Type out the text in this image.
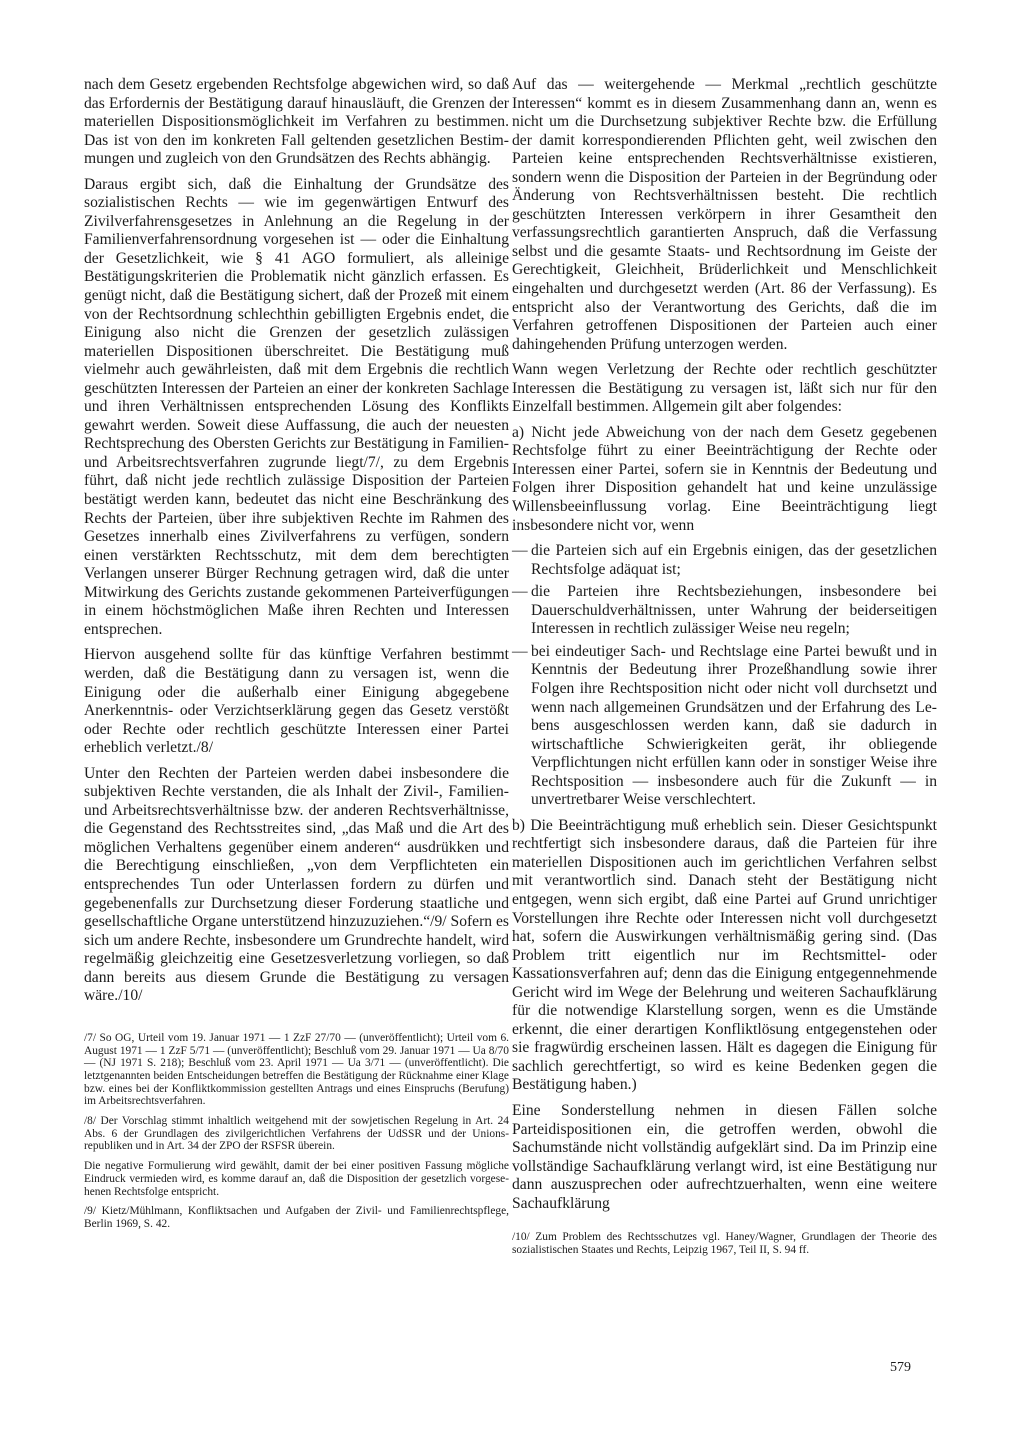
nach dem Gesetz ergebenden Rechtsfolge abgewichen wird, so daß das Erfordernis der Bestätigung darauf hinausläuft, die Grenzen der materiellen Dispositionsmöglichkeit im Verfahren zu bestimmen. Das ist von den im konkreten Fall geltenden gesetzlichen Bestimmungen und zugleich von den Grundsätzen des Rechts abhängig.

Daraus ergibt sich, daß die Einhaltung der Grundsätze des sozialistischen Rechts — wie im gegenwärtigen Entwurf des Zivilverfahrensgesetzes in Anlehnung an die Regelung in der Familienverfahrensordnung vorgesehen ist — oder die Einhaltung der Gesetzlichkeit, wie § 41 AGO formuliert, als alleinige Bestätigungskriterien die Problematik nicht gänzlich erfassen. Es genügt nicht, daß die Bestätigung sichert, daß der Prozeß mit einem von der Rechtsordnung schlechthin gebilligten Ergebnis endet, die Einigung also nicht die Grenzen der gesetzlich zulässigen materiellen Dispositionen überschreitet. Die Bestätigung muß vielmehr auch gewährleisten, daß mit dem Ergebnis die rechtlich geschützten Interessen der Parteien an einer der konkreten Sachlage und ihren Verhältnissen entsprechenden Lösung des Konflikts gewahrt werden. Soweit diese Auffassung, die auch der neuesten Rechtsprechung des Obersten Gerichts zur Bestätigung in Familien- und Arbeitsrechtsverfahren zugrunde liegt/7/, zu dem Ergebnis führt, daß nicht jede rechtlich zulässige Disposition der Parteien bestätigt werden kann, bedeutet das nicht eine Beschränkung des Rechts der Parteien, über ihre subjektiven Rechte im Rahmen des Gesetzes innerhalb eines Zivilverfahrens zu verfügen, sondern einen verstärkten Rechtsschutz, mit dem dem berechtigten Verlangen unserer Bürger Rechnung getragen wird, daß die unter Mitwirkung des Gerichts zustande gekommenen Parteiverfügungen in einem höchstmöglichen Maße ihren Rechten und Interessen entsprechen.

Hiervon ausgehend sollte für das künftige Verfahren bestimmt werden, daß die Bestätigung dann zu versagen ist, wenn die Einigung oder die außerhalb einer Einigung abgegebene Anerkenntnis- oder Verzichtserklärung gegen das Gesetz verstößt oder Rechte oder rechtlich geschützte Interessen einer Partei erheblich verletzt./8/

Unter den Rechten der Parteien werden dabei insbesondere die subjektiven Rechte verstanden, die als Inhalt der Zivil-, Familien- und Arbeitsrechtsverhältnisse bzw. der anderen Rechtsverhältnisse, die Gegenstand des Rechtsstreites sind, „das Maß und die Art des möglichen Verhaltens gegenüber einem anderen“ ausdrükken und die Berechtigung einschließen, „von dem Verpflichteten ein entsprechendes Tun oder Unterlassen fordern zu dürfen und gegebenenfalls zur Durchsetzung dieser Forderung staatliche und gesellschaftliche Organe unterstützend hinzuzuziehen.“/9/ Sofern es sich um andere Rechte, insbesondere um Grundrechte handelt, wird regelmäßig gleichzeitig eine Gesetzesverletzung vorliegen, so daß dann bereits aus diesem Grunde die Bestätigung zu versagen wäre./10/

/7/ So OG, Urteil vom 19. Januar 1971 — 1 ZzF 27/70 — (unveröffentlicht); Urteil vom 6. August 1971 — 1 ZzF 5/71 — (unveröffentlicht); Beschluß vom 29. Januar 1971 — Ua 8/70 — (NJ 1971 S. 218); Beschluß vom 23. April 1971 — Ua 3/71 — (unveröffentlicht). Die letztgenannten beiden Entscheidungen betreffen die Bestätigung der Rücknahme einer Klage bzw. eines bei der Konfliktkommission gestellten Antrags und eines Einspruchs (Berufung) im Arbeitsrechtsverfahren.

/8/ Der Vorschlag stimmt inhaltlich weitgehend mit der sowjetischen Regelung in Art. 24 Abs. 6 der Grundlagen des zivilgerichtlichen Verfahrens der UdSSR und der Unionsrepubliken und in Art. 34 der ZPO der RSFSR überein.

Die negative Formulierung wird gewählt, damit der bei einer positiven Fassung mögliche Eindruck vermieden wird, es komme darauf an, daß die Disposition der gesetzlich vorgesehenen Rechtsfolge entspricht.

/9/ Kietz/Mühlmann, Konfliktsachen und Aufgaben der Zivil- und Familienrechtspflege, Berlin 1969, S. 42.

Auf das — weitergehende — Merkmal „rechtlich geschützte Interessen“ kommt es in diesem Zusammenhang dann an, wenn es nicht um die Durchsetzung subjektiver Rechte bzw. die Erfüllung der damit korrespondierenden Pflichten geht, weil zwischen den Parteien keine entsprechenden Rechtsverhältnisse existieren, sondern wenn die Disposition der Parteien in der Begründung oder Änderung von Rechtsverhältnissen besteht. Die rechtlich geschützten Interessen verkörpern in ihrer Gesamtheit den verfassungsrechtlich garantierten Anspruch, daß die Verfassung selbst und die gesamte Staats- und Rechtsordnung im Geiste der Gerechtigkeit, Gleichheit, Brüderlichkeit und Menschlichkeit eingehalten und durchgesetzt werden (Art. 86 der Verfassung). Es entspricht also der Verantwortung des Gerichts, daß die im Verfahren getroffenen Dispositionen der Parteien auch einer dahingehenden Prüfung unterzogen werden.

Wann wegen Verletzung der Rechte oder rechtlich geschützter Interessen die Bestätigung zu versagen ist, läßt sich nur für den Einzelfall bestimmen. Allgemein gilt aber folgendes:

a) Nicht jede Abweichung von der nach dem Gesetz gegebenen Rechtsfolge führt zu einer Beeinträchtigung der Rechte oder Interessen einer Partei, sofern sie in Kenntnis der Bedeutung und Folgen ihrer Disposition gehandelt hat und keine unzulässige Willensbeeinflussung vorlag. Eine Beeinträchtigung liegt insbesondere nicht vor, wenn

— die Parteien sich auf ein Ergebnis einigen, das der gesetzlichen Rechtsfolge adäquat ist;
— die Parteien ihre Rechtsbeziehungen, insbesondere bei Dauerschuldverhältnissen, unter Wahrung der beiderseitigen Interessen in rechtlich zulässiger Weise neu regeln;
— bei eindeutiger Sach- und Rechtslage eine Partei bewußt und in Kenntnis der Bedeutung ihrer Prozeßhandlung sowie ihrer Folgen ihre Rechtsposition nicht oder nicht voll durchsetzt und wenn nach allgemeinen Grundsätzen und der Erfahrung des Lebens ausgeschlossen werden kann, daß sie dadurch in wirtschaftliche Schwierigkeiten gerät, ihr obliegende Verpflichtungen nicht erfüllen kann oder in sonstiger Weise ihre Rechtsposition — insbesondere auch für die Zukunft — in unvertretbarer Weise verschlechtert.

b) Die Beeinträchtigung muß erheblich sein. Dieser Gesichtspunkt rechtfertigt sich insbesondere daraus, daß die Parteien für ihre materiellen Dispositionen auch im gerichtlichen Verfahren selbst mit verantwortlich sind. Danach steht der Bestätigung nicht entgegen, wenn sich ergibt, daß eine Partei auf Grund unrichtiger Vorstellungen ihre Rechte oder Interessen nicht voll durchgesetzt hat, sofern die Auswirkungen verhältnismäßig gering sind. (Das Problem tritt eigentlich nur im Rechtsmittel- oder Kassationsverfahren auf; denn das die Einigung entgegennehmende Gericht wird im Wege der Belehrung und weiteren Sachaufklärung für die notwendige Klarstellung sorgen, wenn es die Umstände erkennt, die einer derartigen Konfliktlösung entgegenstehen oder sie fragwürdig erscheinen lassen. Hält es dagegen die Einigung für sachlich gerechtfertigt, so wird es keine Bedenken gegen die Bestätigung haben.)

Eine Sonderstellung nehmen in diesen Fällen solche Parteidispositionen ein, die getroffen werden, obwohl die Sachumstände nicht vollständig aufgeklärt sind. Da im Prinzip eine vollständige Sachaufklärung verlangt wird, ist eine Bestätigung nur dann auszusprechen oder aufrechtzuerhalten, wenn eine weitere Sachaufklärung

/10/ Zum Problem des Rechtsschutzes vgl. Haney/Wagner, Grundlagen der Theorie des sozialistischen Staates und Rechts, Leipzig 1967, Teil II, S. 94 ff.

579
